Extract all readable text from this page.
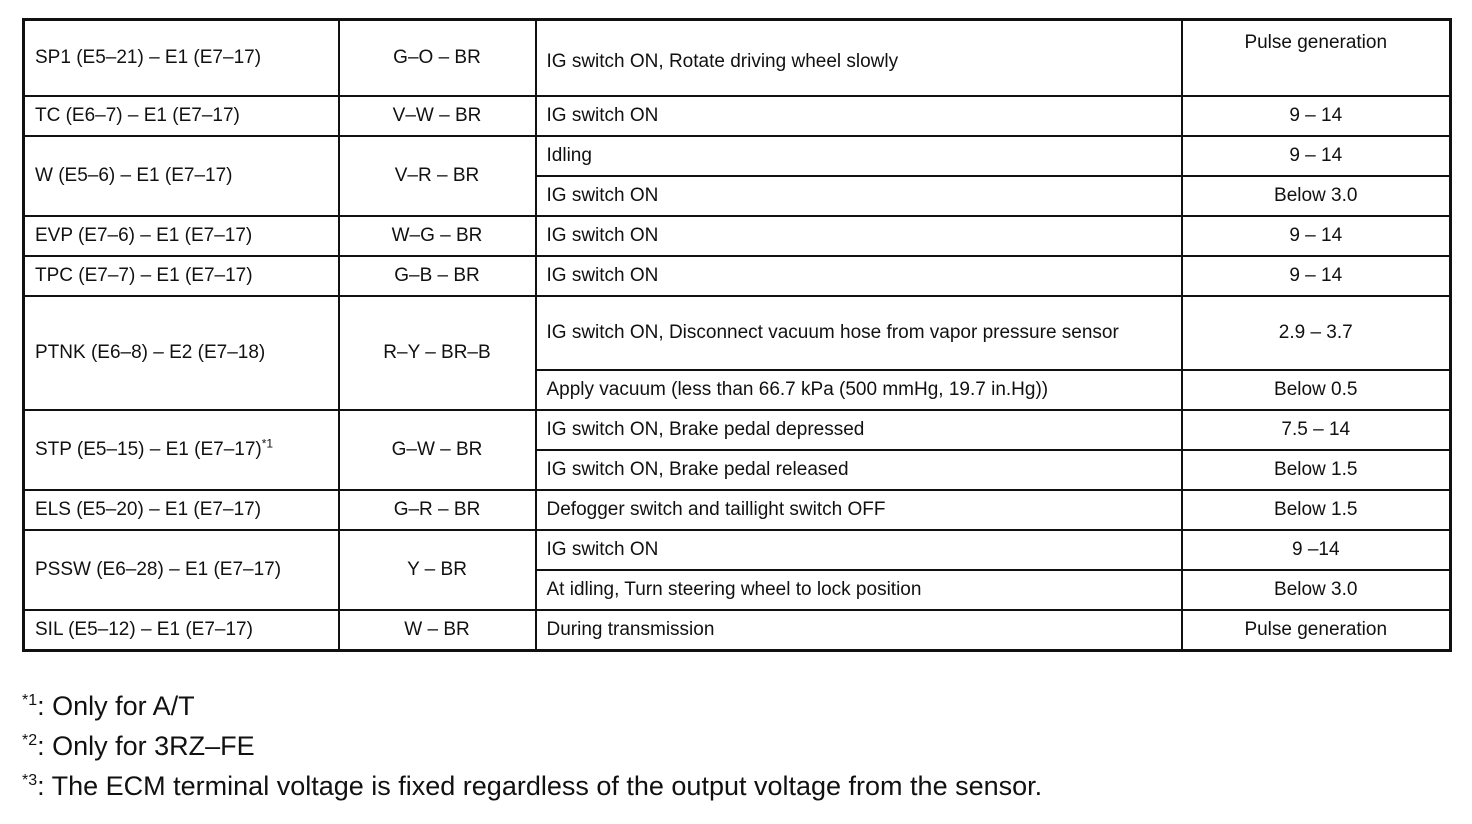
SP1 (E5–21) – E1 (E7–17)	G–O – BR	IG switch ON, Rotate driving wheel slowly	Pulse generation
TC (E6–7) – E1 (E7–17)	V–W – BR	IG switch ON	9 – 14
W (E5–6) – E1 (E7–17)	V–R – BR	Idling	9 – 14
		IG switch ON	Below 3.0
EVP (E7–6) – E1 (E7–17)	W–G – BR	IG switch ON	9 – 14
TPC (E7–7) – E1 (E7–17)	G–B – BR	IG switch ON	9 – 14
PTNK (E6–8) – E2 (E7–18)	R–Y – BR–B	IG switch ON, Disconnect vacuum hose from vapor pressure sensor	2.9 – 3.7
		Apply vacuum (less than 66.7 kPa (500 mmHg, 19.7 in.Hg))	Below 0.5
STP (E5–15) – E1 $(E7-17)^{*1}$	G–W – BR	IG switch ON, Brake pedal depressed	7.5 – 14
		IG switch ON, Brake pedal released	Below 1.5
ELS (E5–20) – E1 (E7–17)	G–R – BR	Defogger switch and taillight switch OFF	Below 1.5
PSSW (E6–28) – E1 (E7–17)	Y – BR	IG switch ON	9 –14
		At idling, Turn steering wheel to lock position	Below 3.0
SIL (E5–12) – E1 (E7–17)	W – BR	During transmission	Pulse generation
$^{*1}$: Only for A/T
$^{*2}$: Only for 3RZ–FE
$^{*3}$: The ECM terminal voltage is fixed regardless of the output voltage from the sensor.
